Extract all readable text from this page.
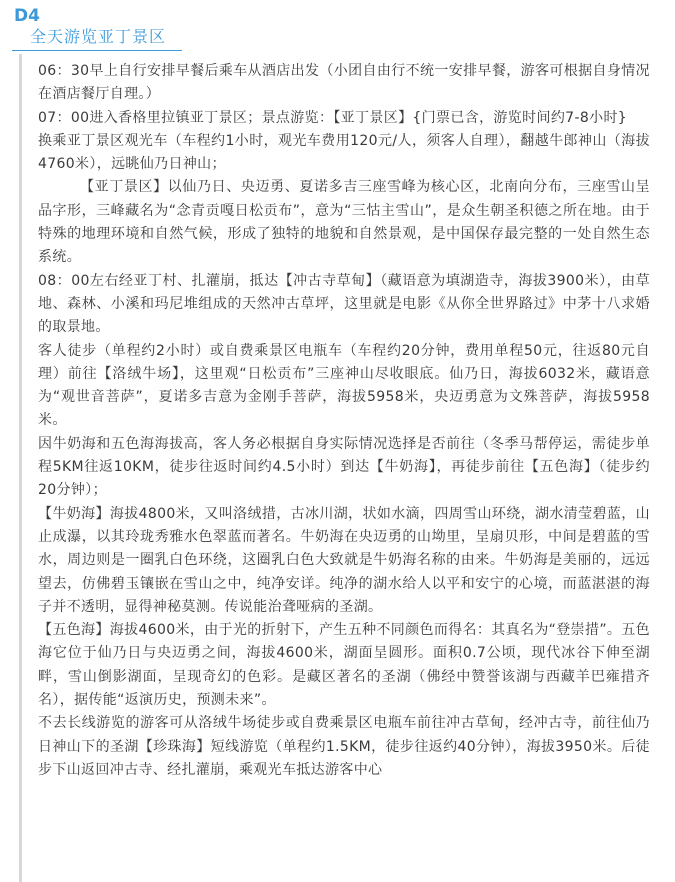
D4
全天游览亚丁景区

06：30早上自行安排早餐后乘车从酒店出发（小团自由行不统一安排早餐，游客可根据自身情况在酒店餐厅自理。）

07：00进入香格里拉镇亚丁景区；景点游览：【亚丁景区】{门票已含，游览时间约7-8小时}

换乘亚丁景区观光车（车程约1小时，观光车费用120元/人，须客人自理），翻越牛郎神山（海拔4760米），远眺仙乃日神山；

【亚丁景区】以仙乃日、央迈勇、夏诺多吉三座雪峰为核心区，北南向分布，三座雪山呈品字形，三峰藏名为“念青贡嘎日松贡布”，意为“三怙主雪山”，是众生朝圣积德之所在地。由于特殊的地理环境和自然气候，形成了独特的地貌和自然景观，是中国保存最完整的一处自然生态系统。

08：00左右经亚丁村、扎灌崩，抵达【冲古寺草甸】（藏语意为填湖造寺，海拔3900米），由草地、森林、小溪和玛尼堆组成的天然冲古草坪，这里就是电影《从你全世界路过》中茅十八求婚的取景地。

客人徒步（单程约2小时）或自费乘景区电瓶车（车程约20分钟，费用单程50元，往返80元自理）前往【洛绒牛场】，这里观“日松贡布”三座神山尽收眼底。仙乃日，海拔6032米，藏语意为“观世音菩萨”，夏诺多吉意为金刚手菩萨，海拔5958米，央迈勇意为文殊菩萨，海拔5958米。

因牛奶海和五色海海拔高，客人务必根据自身实际情况选择是否前往（冬季马帮停运，需徒步单程5KM往返10KM，徒步往返时间约4.5小时）到达【牛奶海】，再徒步前往【五色海】（徒步约20分钟）；

【牛奶海】海拔4800米，又叫洛绒措，古冰川湖，状如水滴，四周雪山环绕，湖水清莹碧蓝，山止成瀑，以其玲珑秀雅水色翠蓝而著名。牛奶海在央迈勇的山坳里，呈扇贝形，中间是碧蓝的雪水，周边则是一圈乳白色环绕，这圈乳白色大致就是牛奶海名称的由来。牛奶海是美丽的，远远望去，仿佛碧玉镶嵌在雪山之中，纯净安详。纯净的湖水给人以平和安宁的心境，而蓝湛湛的海子并不透明，显得神秘莫测。传说能治聋哑病的圣湖。

【五色海】海拔4600米，由于光的折射下，产生五种不同颜色而得名：其真名为“登崇措”。五色海它位于仙乃日与央迈勇之间，海拔4600米，湖面呈圆形。面积0.7公顷，现代冰谷下伸至湖畔，雪山倒影湖面，呈现奇幻的色彩。是藏区著名的圣湖（佛经中赞誉该湖与西藏羊巴雍措齐名），据传能“返演历史，预测未来”。

不去长线游览的游客可从洛绒牛场徒步或自费乘景区电瓶车前往冲古草甸，经冲古寺，前往仙乃日神山下的圣湖【珍珠海】短线游览（单程约1.5KM，徒步往返约40分钟），海拔3950米。后徒步下山返回冲古寺、经扎灌崩，乘观光车抵达游客中心
